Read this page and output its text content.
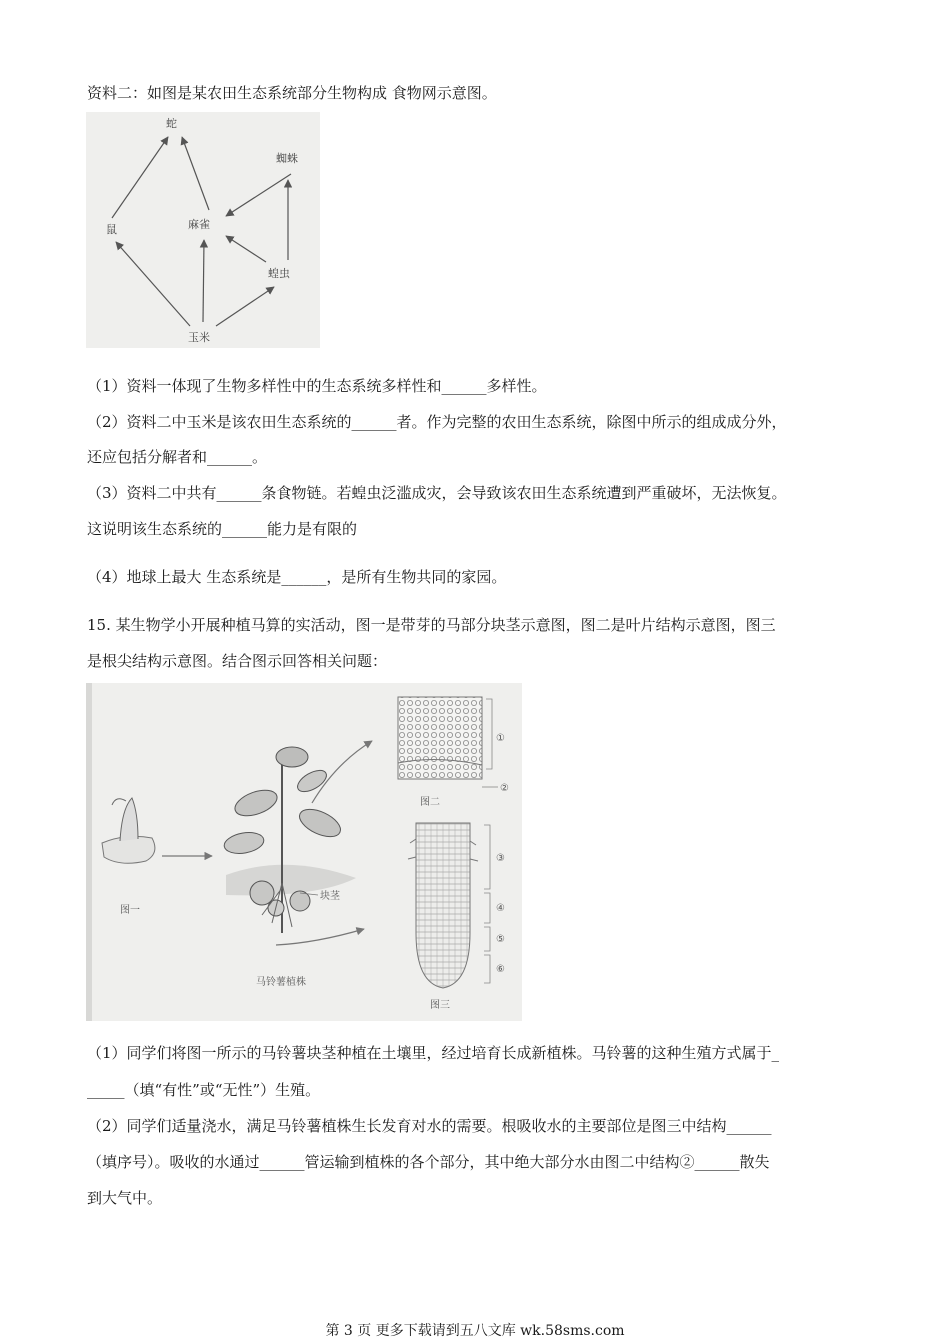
资料二：如图是某农田生态系统部分生物构成 食物网示意图。
蛇
蜘蛛
鼠	麻雀
蝗虫
玉米
（1）资料一体现了生物多样性中的生态系统多样性和______多样性。
（2）资料二中玉米是该农田生态系统的______者。作为完整的农田生态系统，除图中所示的组成成分外，
还应包括分解者和______。
（3）资料二中共有______条食物链。若蝗虫泛滥成灾，会导致该农田生态系统遭到严重破坏，无法恢复。
这说明该生态系统的______能力是有限的
（4）地球上最大 生态系统是______，是所有生物共同的家园。
15. 某生物学小开展种植马算的实活动，图一是带芽的马部分块茎示意图，图二是叶片结构示意图，图三
是根尖结构示意图。结合图示回答相关问题：
图一
块茎
马铃薯植株
①
②
图二
③
④
⑤
⑥
图三
（1）同学们将图一所示的马铃薯块茎种植在土壤里，经过培育长成新植株。马铃薯的这种生殖方式属于_
_____（填“有性”或“无性”）生殖。
（2）同学们适量浇水，满足马铃薯植株生长发育对水的需要。根吸收水的主要部位是图三中结构______
（填序号）。吸收的水通过______管运输到植株的各个部分，其中绝大部分水由图二中结构②______散失
到大气中。
第 3 页 更多下载请到五八文库 wk.58sms.com
